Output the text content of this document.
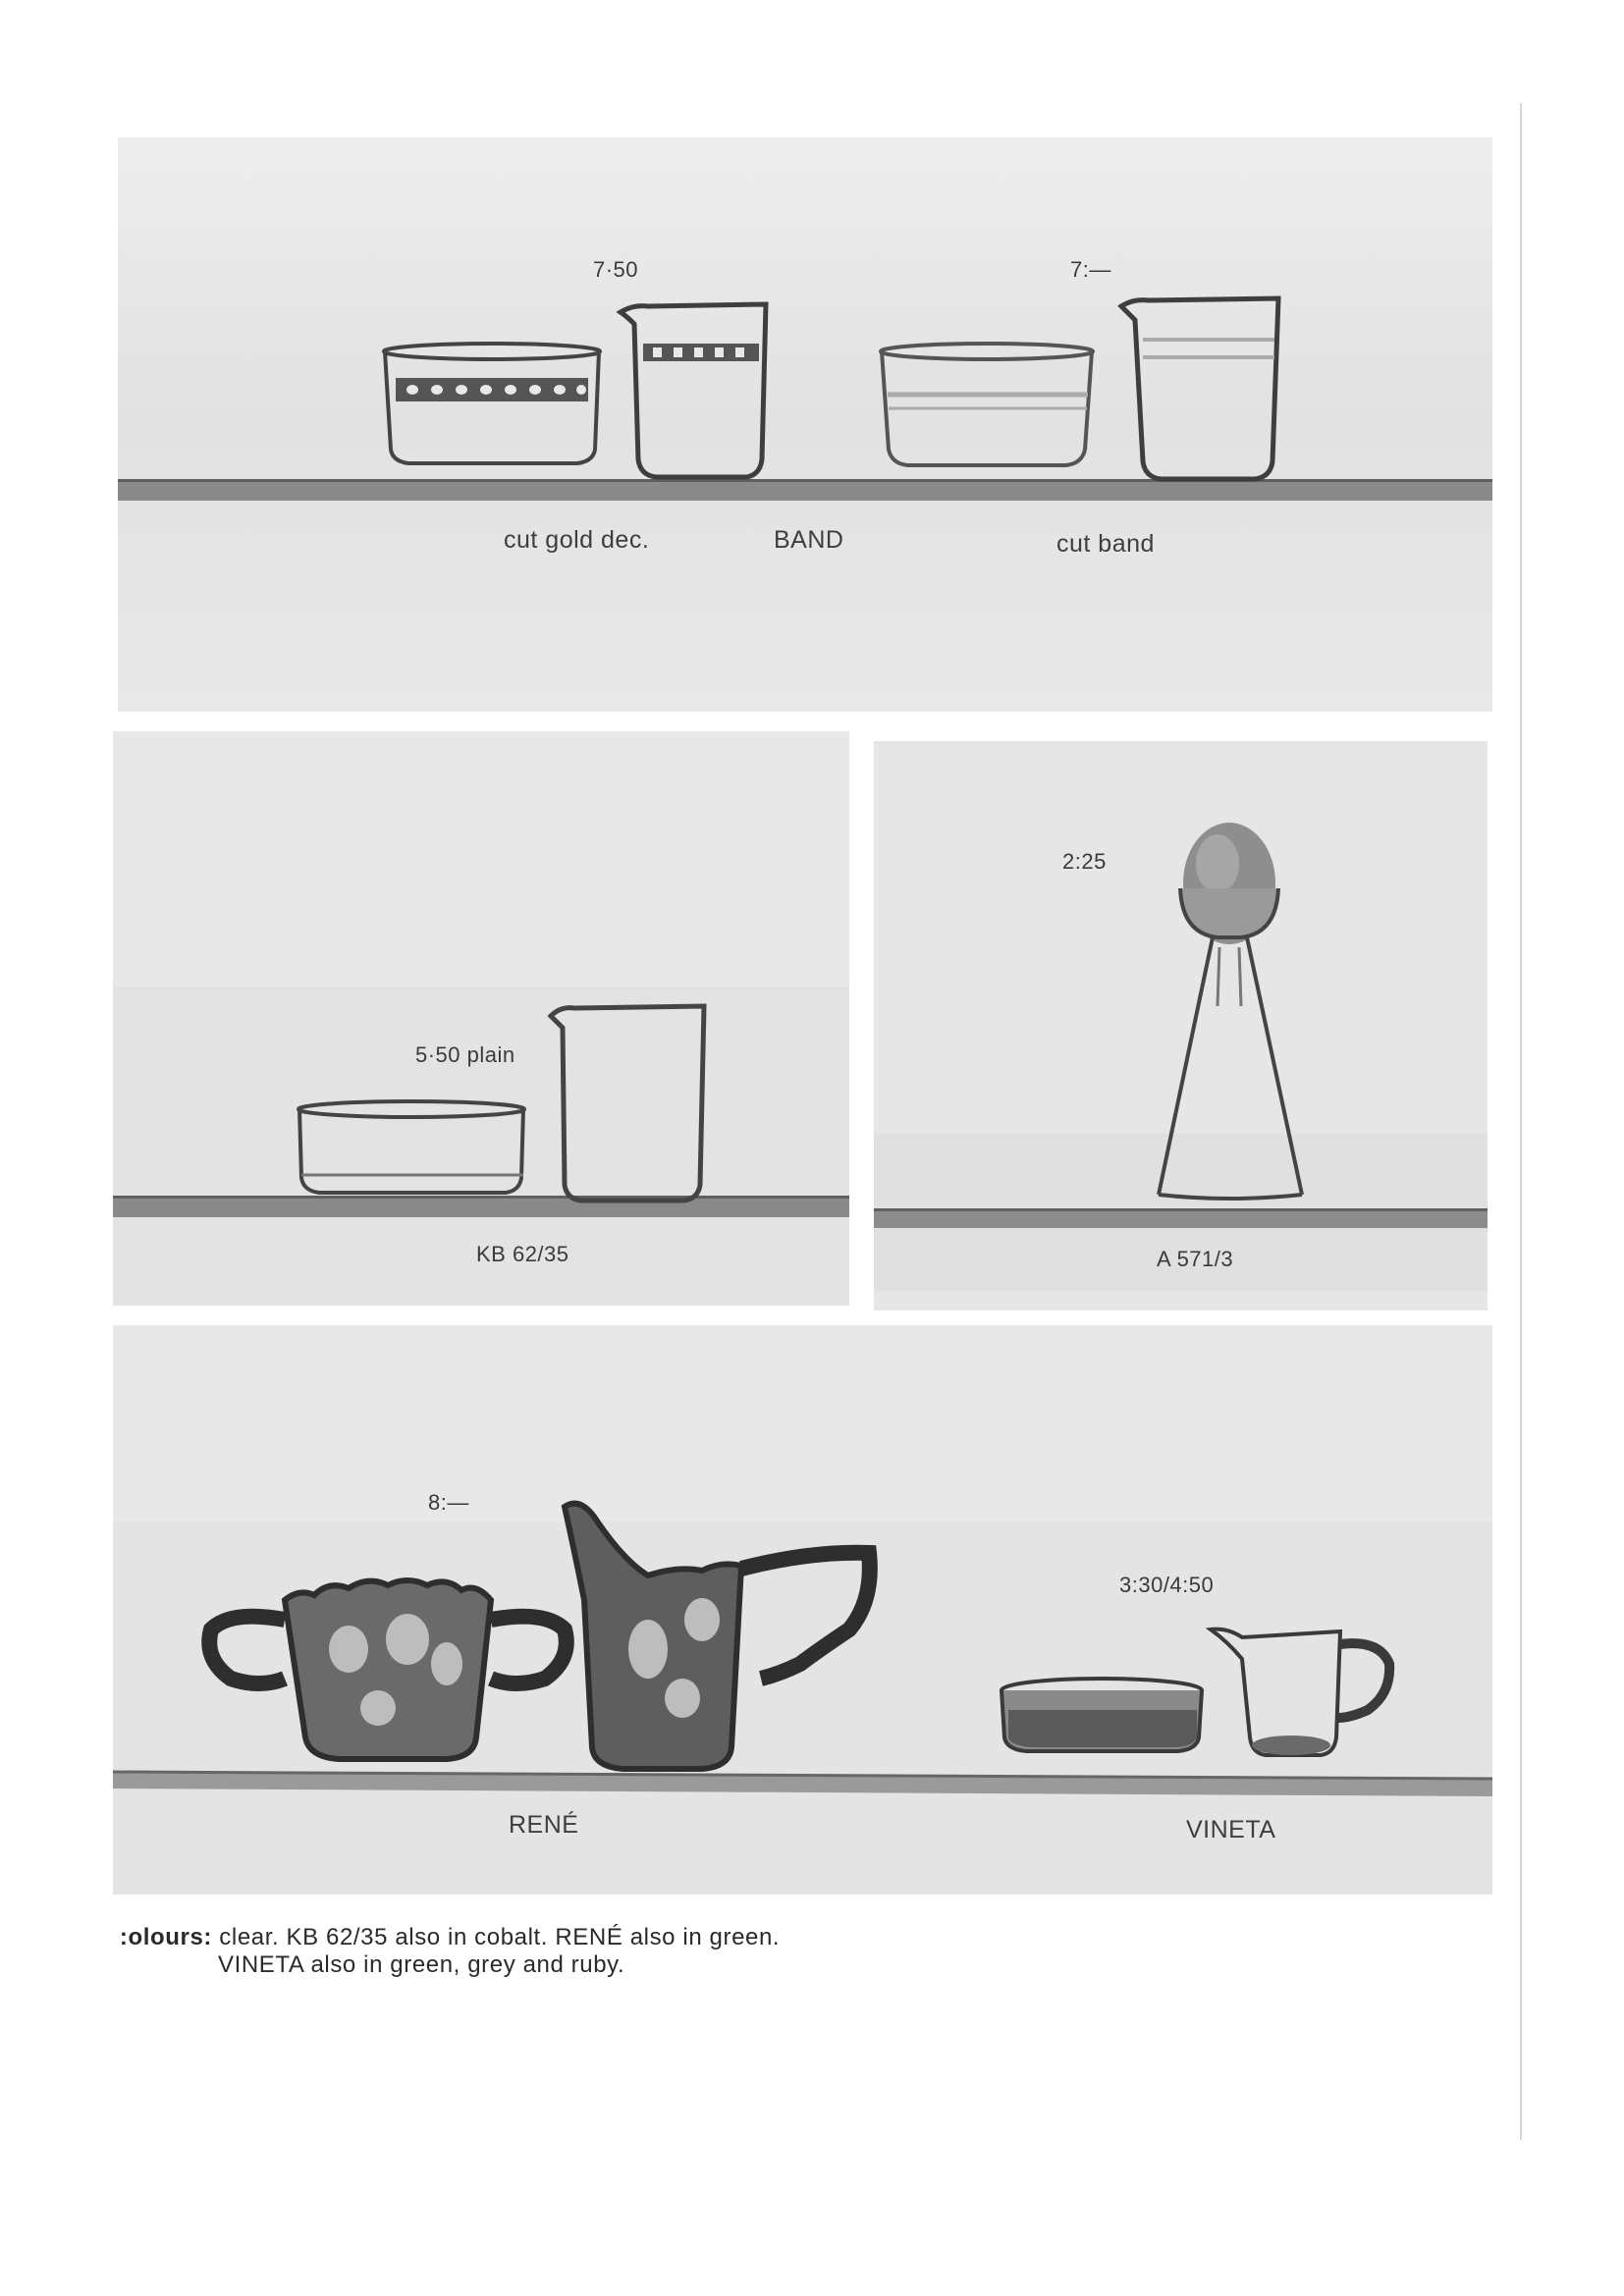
7·50	7:—
cut gold dec.	BAND	cut band
5·50 plain
KB 62/35
2:25
A 571/3
8:—
3:30/4:50
RENÉ	VINETA
:olours: clear. KB 62/35 also in cobalt. RENÉ also in green.
VINETA also in green, grey and ruby.
